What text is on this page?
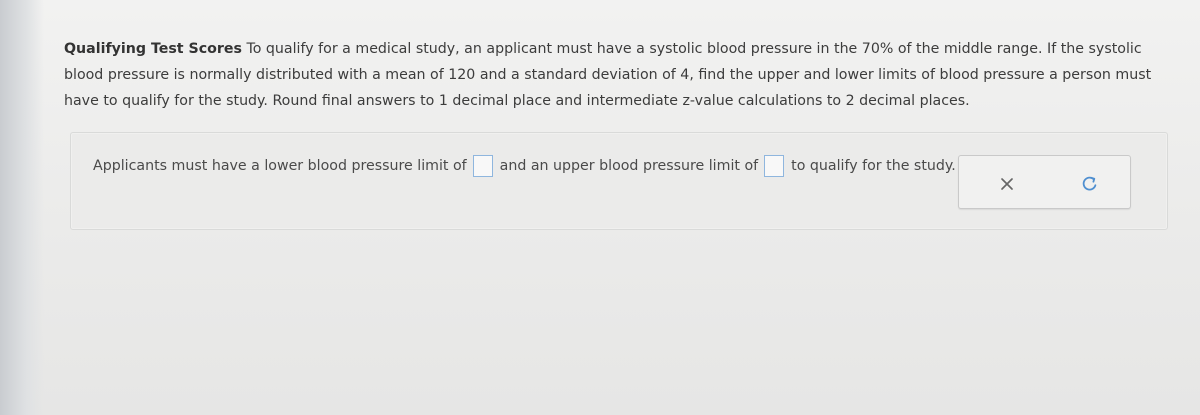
Qualifying Test Scores To qualify for a medical study, an applicant must have a systolic blood pressure in the 70% of the middle range. If the systolic blood pressure is normally distributed with a mean of 120 and a standard deviation of 4, find the upper and lower limits of blood pressure a person must have to qualify for the study. Round final answers to 1 decimal place and intermediate z-value calculations to 2 decimal places.
Applicants must have a lower blood pressure limit of and an upper blood pressure limit of to qualify for the study.
